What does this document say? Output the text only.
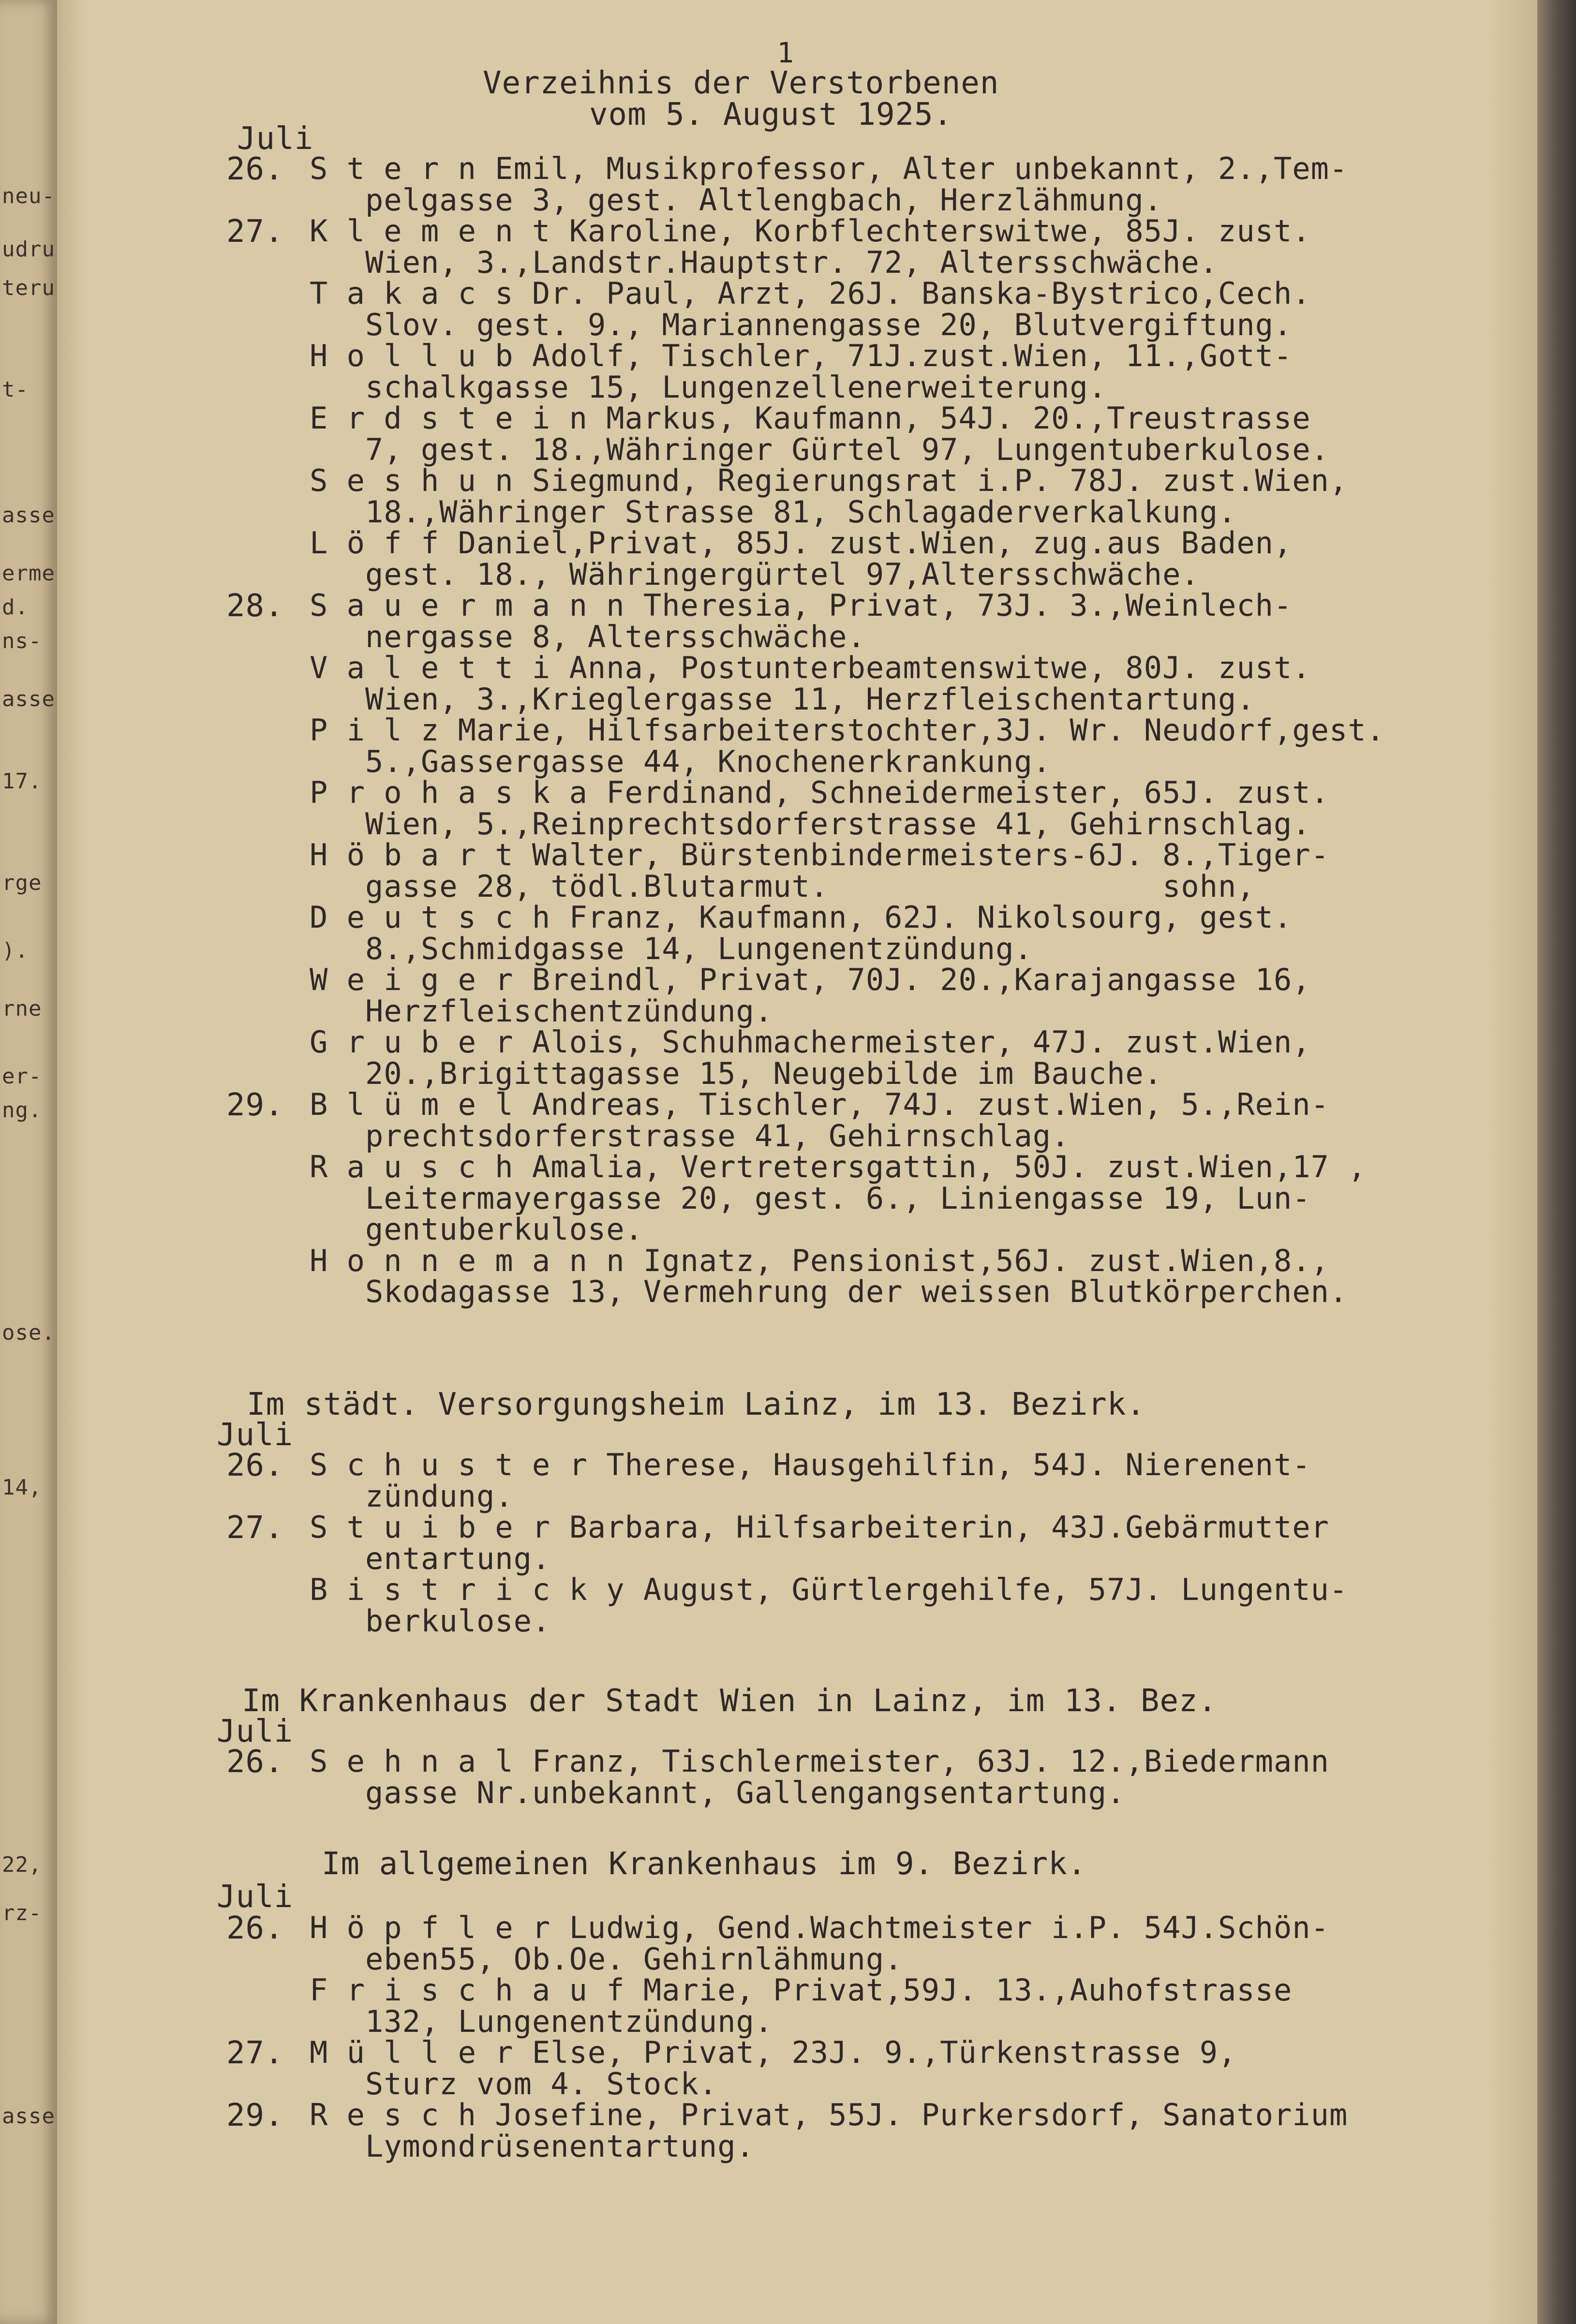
neu-
udru
teru
t-
asse
erme
d.
ns-
asse
17.
rge
).
rne
er-
ng.
ose.
14,
22,
rz-
asse
1
Verzeihnis der Verstorbenen
vom 5. August 1925.
Juli
26. S t e r n Emil, Musikprofessor, Alter unbekannt, 2.,Tem-
pelgasse 3, gest. Altlengbach, Herzlähmung.
27. K l e m e n t Karoline, Korbflechterswitwe, 85J. zust.
Wien, 3.,Landstr.Hauptstr. 72, Altersschwäche.
T a k a c s Dr. Paul, Arzt, 26J. Banska-Bystrico,Cech.
Slov. gest. 9., Mariannengasse 20, Blutvergiftung.
H o l l u b Adolf, Tischler, 71J.zust.Wien, 11.,Gott-
schalkgasse 15, Lungenzellenerweiterung.
E r d s t e i n Markus, Kaufmann, 54J. 20.,Treustrasse
7, gest. 18.,Währinger Gürtel 97, Lungentuberkulose.
S e s h u n Siegmund, Regierungsrat i.P. 78J. zust.Wien,
18.,Währinger Strasse 81, Schlagaderverkalkung.
L ö f f Daniel,Privat, 85J. zust.Wien, zug.aus Baden,
gest. 18., Währingergürtel 97,Altersschwäche.
28. S a u e r m a n n Theresia, Privat, 73J. 3.,Weinlech-
nergasse 8, Altersschwäche.
V a l e t t i Anna, Postunterbeamtenswitwe, 80J. zust.
Wien, 3.,Krieglergasse 11, Herzfleischentartung.
P i l z Marie, Hilfsarbeiterstochter,3J. Wr. Neudorf,gest.
5.,Gassergasse 44, Knochenerkrankung.
P r o h a s k a Ferdinand, Schneidermeister, 65J. zust.
Wien, 5.,Reinprechtsdorferstrasse 41, Gehirnschlag.
H ö b a r t Walter, Bürstenbindermeisters-6J. 8.,Tiger-
gasse 28, tödl.Blutarmut.                  sohn,
D e u t s c h Franz, Kaufmann, 62J. Nikolsourg, gest.
8.,Schmidgasse 14, Lungenentzündung.
W e i g e r Breindl, Privat, 70J. 20.,Karajangasse 16,
Herzfleischentzündung.
G r u b e r Alois, Schuhmachermeister, 47J. zust.Wien,
20.,Brigittagasse 15, Neugebilde im Bauche.
29. B l ü m e l Andreas, Tischler, 74J. zust.Wien, 5.,Rein-
prechtsdorferstrasse 41, Gehirnschlag.
R a u s c h Amalia, Vertretersgattin, 50J. zust.Wien,17 ,
Leitermayergasse 20, gest. 6., Liniengasse 19, Lun-
gentuberkulose.
H o n n e m a n n Ignatz, Pensionist,56J. zust.Wien,8.,
Skodagasse 13, Vermehrung der weissen Blutkörperchen.
Im städt. Versorgungsheim Lainz, im 13. Bezirk.
Juli
26. S c h u s t e r Therese, Hausgehilfin, 54J. Nierenent-
zündung.
27. S t u i b e r Barbara, Hilfsarbeiterin, 43J.Gebärmutter
entartung.
B i s t r i c k y August, Gürtlergehilfe, 57J. Lungentu-
berkulose.
Im Krankenhaus der Stadt Wien in Lainz, im 13. Bez.
Juli
26. S e h n a l Franz, Tischlermeister, 63J. 12.,Biedermann
gasse Nr.unbekannt, Gallengangsentartung.
Im allgemeinen Krankenhaus im 9. Bezirk.
Juli
26. H ö p f l e r Ludwig, Gend.Wachtmeister i.P. 54J.Schön-
eben55, Ob.Oe. Gehirnlähmung.
F r i s c h a u f Marie, Privat,59J. 13.,Auhofstrasse
132, Lungenentzündung.
27. M ü l l e r Else, Privat, 23J. 9.,Türkenstrasse 9,
Sturz vom 4. Stock.
29. R e s c h Josefine, Privat, 55J. Purkersdorf, Sanatorium
Lymondrüsenentartung.
